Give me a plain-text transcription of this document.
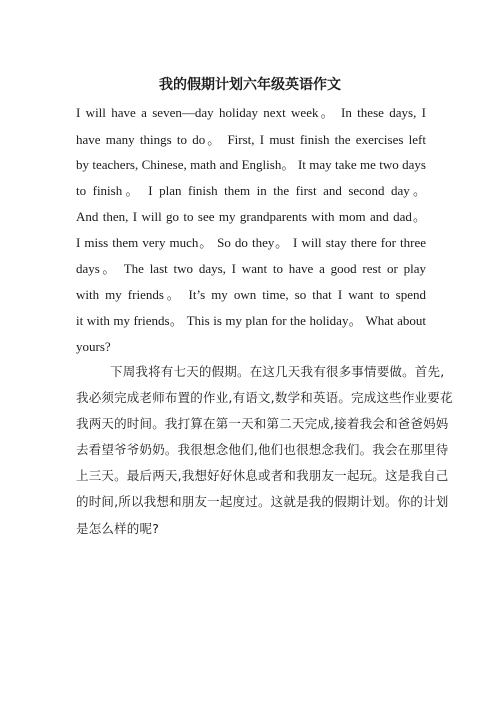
我的假期计划六年级英语作文
I will have a seven—day holiday next week。 In these days, I
have many things to do。 First, I must finish the exercises left
by teachers, Chinese, math and English。 It may take me two days
to finish。 I plan finish them in the first and second day。
And then, I will go to see my grandparents with mom and dad。
I miss them very much。 So do they。 I will stay there for three
days。 The last two days, I want to have a good rest or play
with my friends。 It’s my own time, so that I want to spend
it with my friends。 This is my plan for the holiday。 What about
yours?
下周我将有七天的假期。在这几天我有很多事情要做。首先,
我必须完成老师布置的作业,有语文,数学和英语。完成这些作业要花
我两天的时间。我打算在第一天和第二天完成,接着我会和爸爸妈妈
去看望爷爷奶奶。我很想念他们,他们也很想念我们。我会在那里待
上三天。最后两天,我想好好休息或者和我朋友一起玩。这是我自己
的时间,所以我想和朋友一起度过。这就是我的假期计划。你的计划
是怎么样的呢?
